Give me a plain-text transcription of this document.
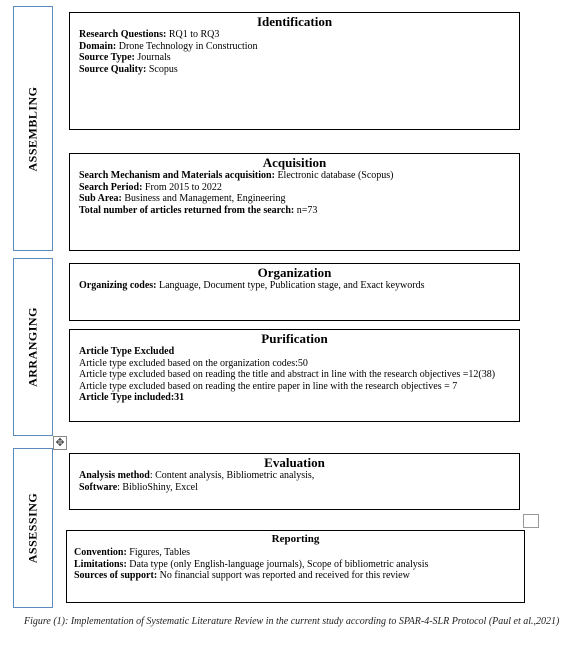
ASSEMBLING
ARRANGING
ASSESSING
Identification
Research Questions: RQ1 to RQ3
Domain: Drone Technology in Construction
Source Type: Journals
Source Quality: Scopus
Acquisition
Search Mechanism and Materials acquisition: Electronic database (Scopus)
Search Period: From 2015 to 2022
Sub Area: Business and Management, Engineering
Total number of articles returned from the search: n=73
Organization
Organizing codes: Language, Document type, Publication stage, and Exact keywords
Purification
Article Type Excluded
Article type excluded based on the organization codes:50
Article type excluded based on reading the title and abstract in line with the research objectives =12(38)
Article type excluded based on reading the entire paper in line with the research objectives = 7
Article Type included:31
✥
Evaluation
Analysis method: Content analysis, Bibliometric analysis,
Software: BiblioShiny, Excel
Reporting
Convention: Figures, Tables
Limitations: Data type (only English-language journals), Scope of bibliometric analysis
Sources of support: No financial support was reported and received for this review
Figure (1): Implementation of Systematic Literature Review in the current study according to SPAR-4-SLR Protocol (Paul et al.,2021)
